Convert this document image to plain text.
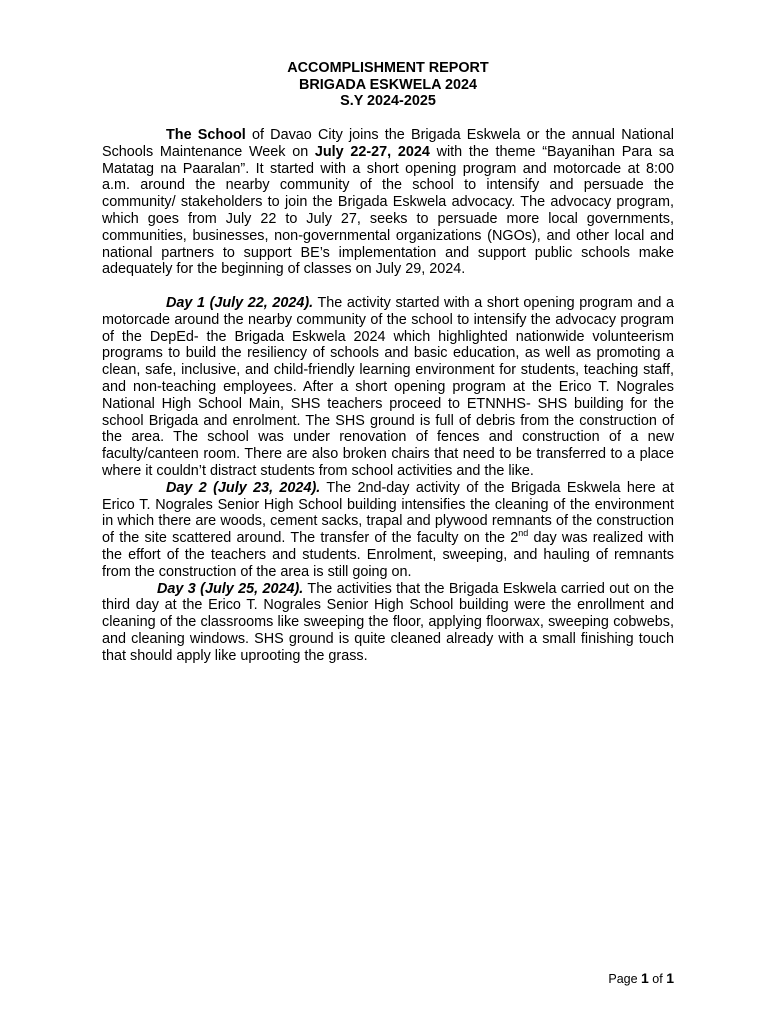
ACCOMPLISHMENT REPORT
BRIGADA ESKWELA 2024
S.Y 2024-2025

The School of Davao City joins the Brigada Eskwela or the annual National Schools Maintenance Week on July 22-27, 2024 with the theme “Bayanihan Para sa Matatag na Paaralan”. It started with a short opening program and motorcade at 8:00 a.m. around the nearby community of the school to intensify and persuade the community/ stakeholders to join the Brigada Eskwela advocacy. The advocacy program, which goes from July 22 to July 27, seeks to persuade more local governments, communities, businesses, non-governmental organizations (NGOs), and other local and national partners to support BE’s implementation and support public schools make adequately for the beginning of classes on July 29, 2024.

Day 1 (July 22, 2024). The activity started with a short opening program and a motorcade around the nearby community of the school to intensify the advocacy program of the DepEd- the Brigada Eskwela 2024 which highlighted nationwide volunteerism programs to build the resiliency of schools and basic education, as well as promoting a clean, safe, inclusive, and child-friendly learning environment for students, teaching staff, and non-teaching employees. After a short opening program at the Erico T. Nograles National High School Main, SHS teachers proceed to ETNNHS- SHS building for the school Brigada and enrolment. The SHS ground is full of debris from the construction of the area. The school was under renovation of fences and construction of a new faculty/canteen room. There are also broken chairs that need to be transferred to a place where it couldn’t distract students from school activities and the like.

Day 2 (July 23, 2024). The 2nd-day activity of the Brigada Eskwela here at Erico T. Nograles Senior High School building intensifies the cleaning of the environment in which there are woods, cement sacks, trapal and plywood remnants of the construction of the site scattered around. The transfer of the faculty on the 2nd day was realized with the effort of the teachers and students. Enrolment, sweeping, and hauling of remnants from the construction of the area is still going on.

Day 3 (July 25, 2024). The activities that the Brigada Eskwela carried out on the third day at the Erico T. Nograles Senior High School building were the enrollment and cleaning of the classrooms like sweeping the floor, applying floorwax, sweeping cobwebs, and cleaning windows. SHS ground is quite cleaned already with a small finishing touch that should apply like uprooting the grass.

Page 1 of 1
